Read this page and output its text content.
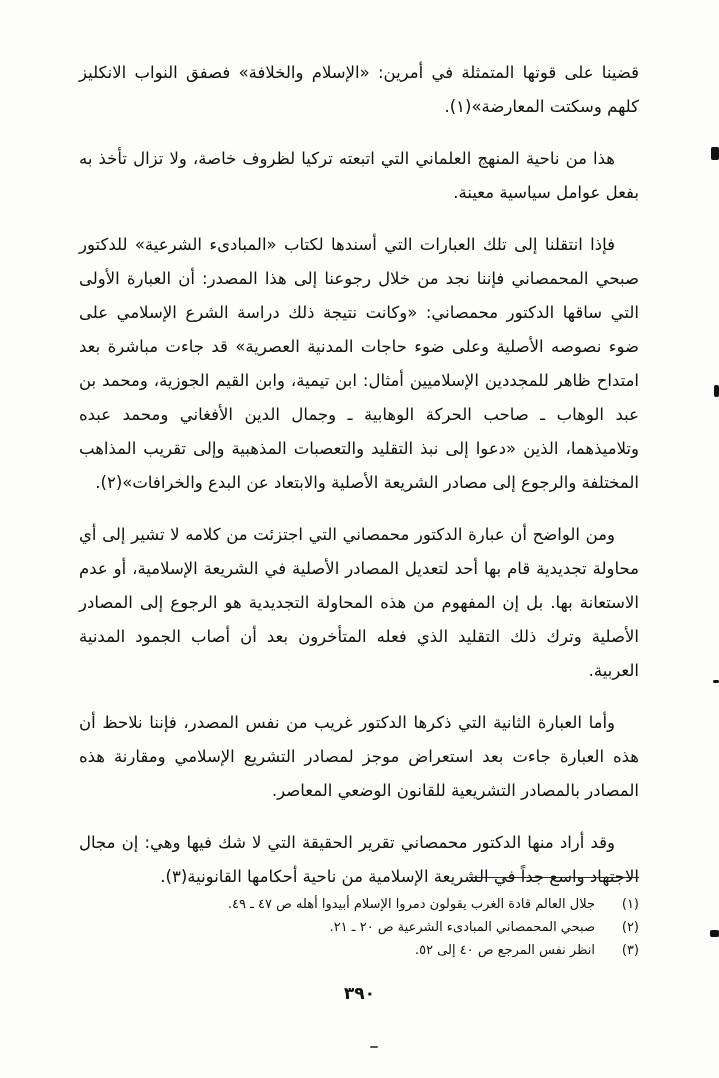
قضينا على قوتها المتمثلة في أمرين: «الإسلام والخلافة» فصفق النواب الانكليز كلهم وسكتت المعارضة»(١).

هذا من ناحية المنهج العلماني التي اتبعته تركيا لظروف خاصة، ولا تزال تأخذ به بفعل عوامل سياسية معينة.

فإذا انتقلنا إلى تلك العبارات التي أسندها لكتاب «المبادىء الشرعية» للدكتور صبحي المحمصاني فإننا نجد من خلال رجوعنا إلى هذا المصدر: أن العبارة الأولى التي ساقها الدكتور محمصاني: «وكانت نتيجة ذلك دراسة الشرع الإسلامي على ضوء نصوصه الأصلية وعلى ضوء حاجات المدنية العصرية» قد جاءت مباشرة بعد امتداح ظاهر للمجددين الإسلاميين أمثال: ابن تيمية، وابن القيم الجوزية، ومحمد بن عبد الوهاب ـ صاحب الحركة الوهابية ـ وجمال الدين الأفغاني ومحمد عبده وتلاميذهما، الذين «دعوا إلى نبذ التقليد والتعصبات المذهبية وإلى تقريب المذاهب المختلفة والرجوع إلى مصادر الشريعة الأصلية والابتعاد عن البدع والخرافات»(٢).

ومن الواضح أن عبارة الدكتور محمصاني التي اجتزئت من كلامه لا تشير إلى أي محاولة تجديدية قام بها أحد لتعديل المصادر الأصلية في الشريعة الإسلامية، أو عدم الاستعانة بها. بل إن المفهوم من هذه المحاولة التجديدية هو الرجوع إلى المصادر الأصلية وترك ذلك التقليد الذي فعله المتأخرون بعد أن أصاب الجمود المدنية العربية.

وأما العبارة الثانية التي ذكرها الدكتور غريب من نفس المصدر، فإننا نلاحظ أن هذه العبارة جاءت بعد استعراض موجز لمصادر التشريع الإسلامي ومقارنة هذه المصادر بالمصادر التشريعية للقانون الوضعي المعاصر.

وقد أراد منها الدكتور محمصاني تقرير الحقيقة التي لا شك فيها وهي: إن مجال الاجتهاد واسع جداً في الشريعة الإسلامية من ناحية أحكامها القانونية(٣).

(١)
جلال العالم قادة الغرب يقولون دمروا الإسلام أبيدوا أهله ص ٤٧ ـ ٤٩.
(٢)
صبحي المحمصاني المبادىء الشرعية ص ٢٠ ـ ٢١.
(٣)
انظر نفس المرجع ص ٤٠ إلى ٥٢.
٣٩٠
